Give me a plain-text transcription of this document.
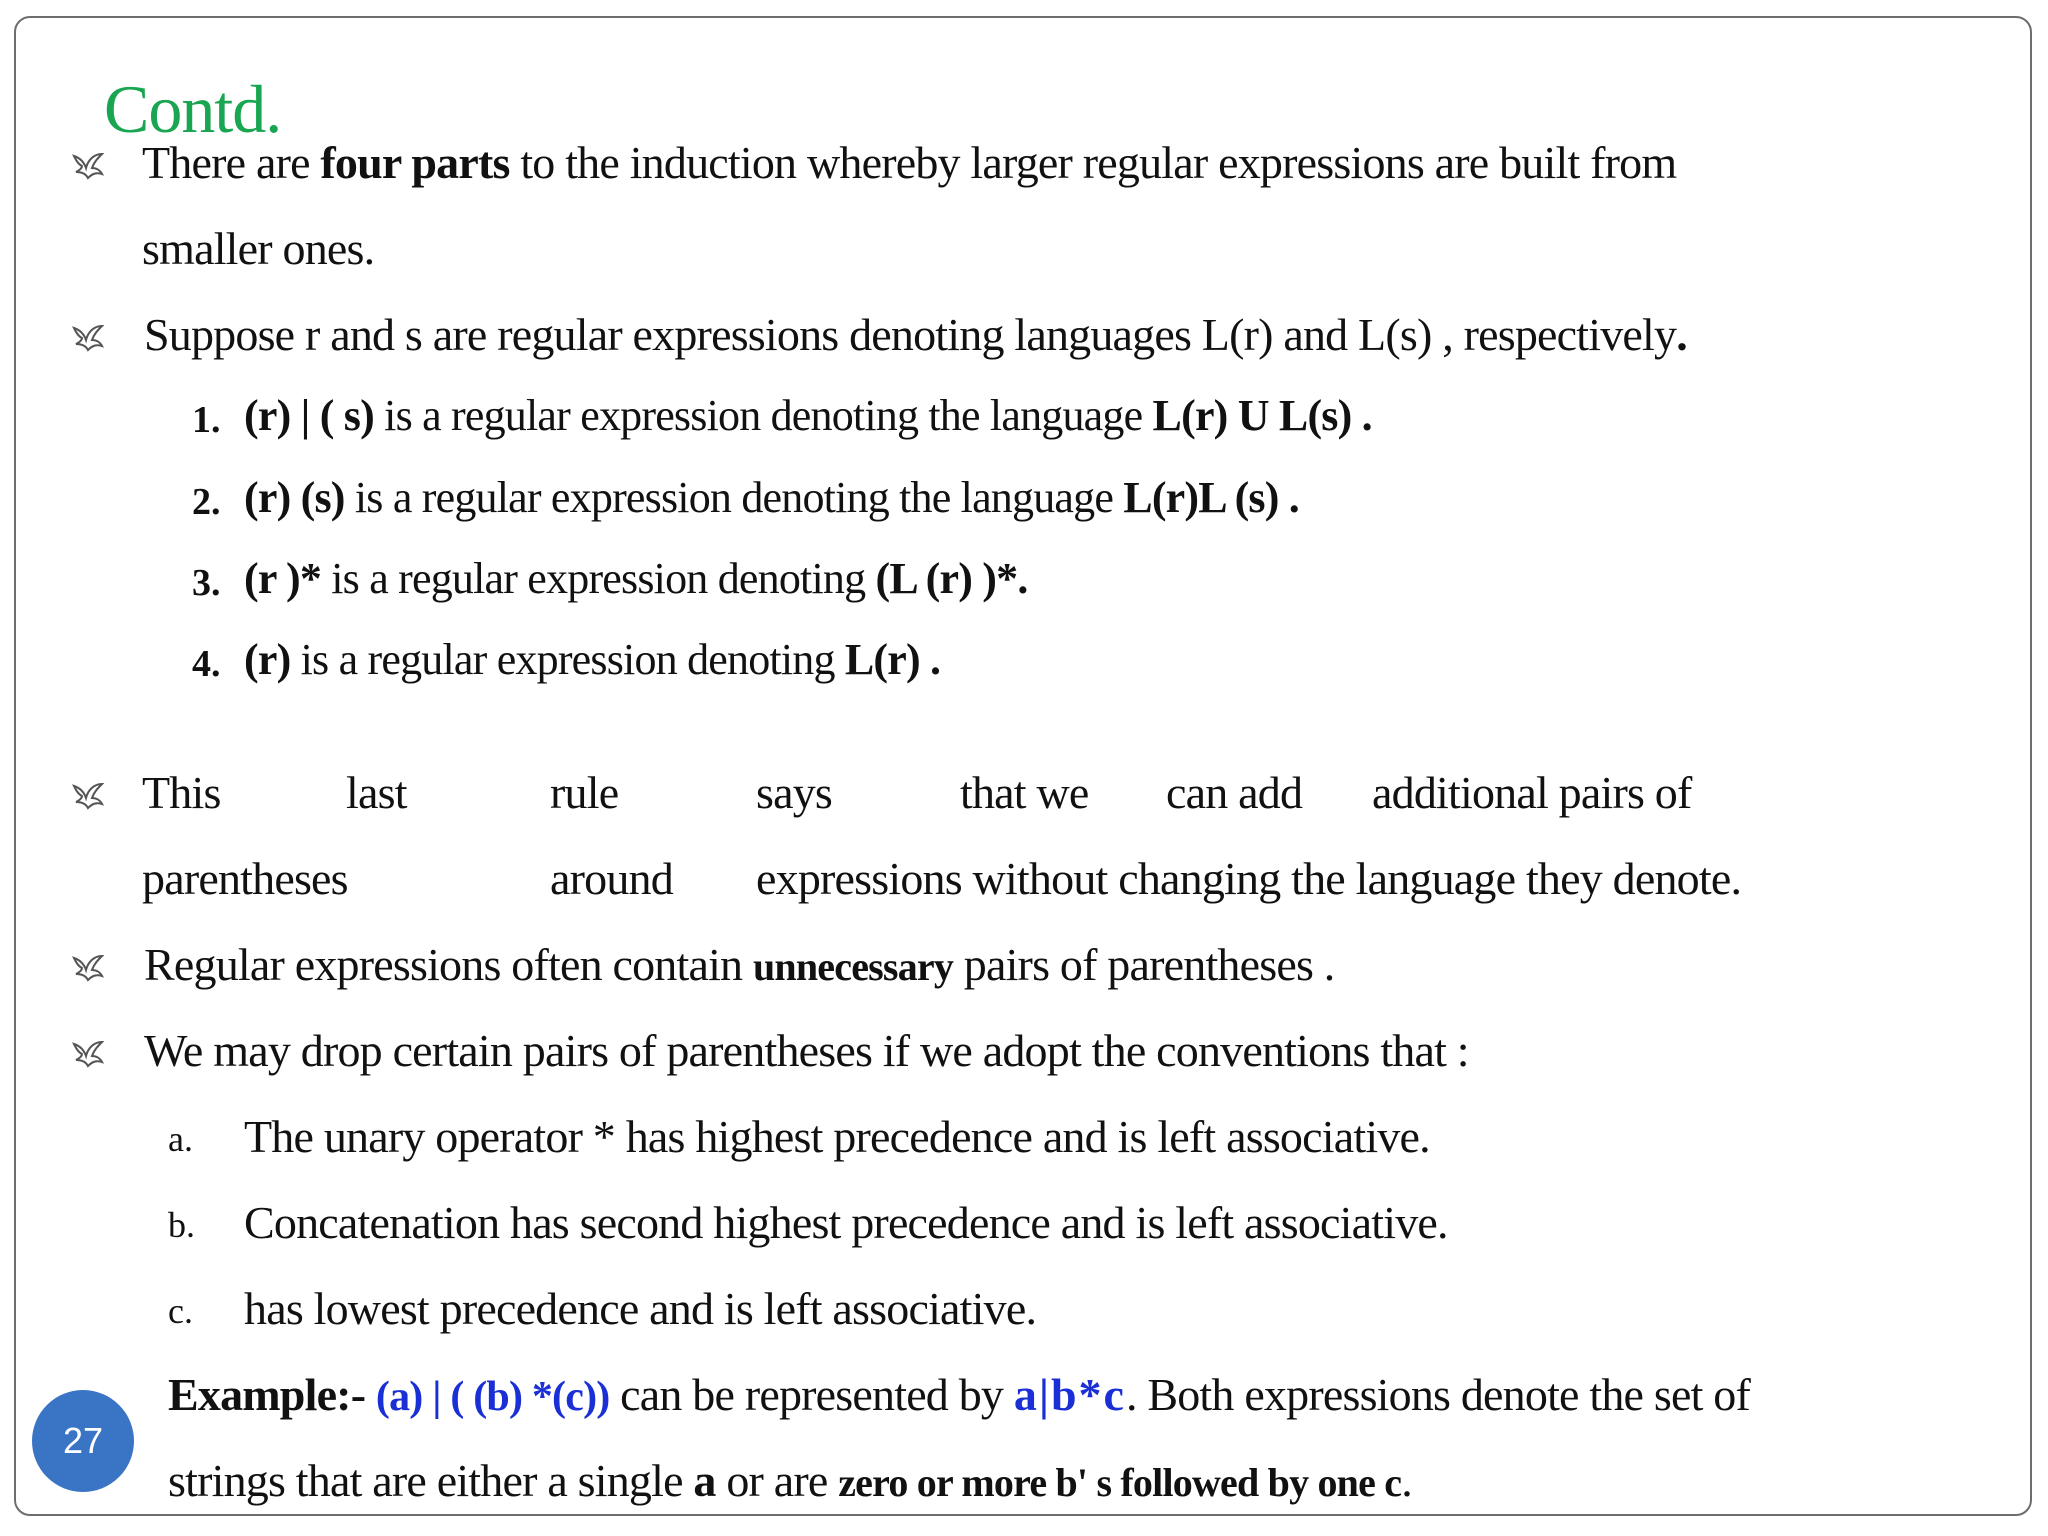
Contd.
There are four parts to the induction whereby larger regular expressions are built from
smaller ones.
Suppose r and s are regular expressions denoting languages L(r) and L(s) , respectively.
1. (r) | ( s) is a regular expression denoting the language L(r) U L(s) .
2. (r) (s) is a regular expression denoting the language L(r)L (s) .
3. (r )* is a regular expression denoting (L (r) )*.
4. (r) is a regular expression denoting L(r) .
This	last	rule	says	that we can add additional pairs of
parentheses	around expressions without changing the language they denote.
Regular expressions often contain unnecessary pairs of parentheses .
We may drop certain pairs of parentheses if we adopt the conventions that :
a. The unary operator * has highest precedence and is left associative.
b. Concatenation has second highest precedence and is left associative.
c. has lowest precedence and is left associative.
Example:- (a) | ( (b) *(c)) can be represented by a|b*c. Both expressions denote the set of
strings that are either a single a or are zero or more b' s followed by one c.
27
